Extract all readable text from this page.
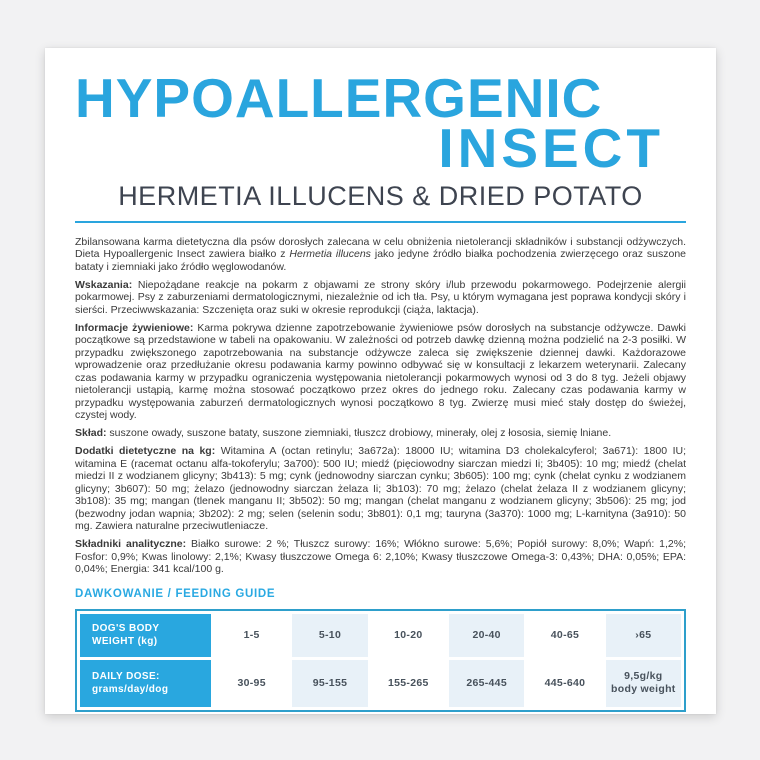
HYPOALLERGENIC
INSECT
HERMETIA ILLUCENS & DRIED POTATO

Zbilansowana karma dietetyczna dla psów dorosłych zalecana w celu obniżenia nietolerancji składników i substancji odżywczych. Dieta Hypoallergenic Insect zawiera białko z Hermetia illucens jako jedyne źródło białka pochodzenia zwierzęcego oraz suszone bataty i ziemniaki jako źródło węglowodanów.

Wskazania: Niepożądane reakcje na pokarm z objawami ze strony skóry i/lub przewodu pokarmowego. Podejrzenie alergii pokarmowej. Psy z zaburzeniami dermatologicznymi, niezależnie od ich tła. Psy, u którym wymagana jest poprawa kondycji skóry i sierści. Przeciwwskazania: Szczenięta oraz suki w okresie reprodukcji (ciąża, laktacja).

Informacje żywieniowe: Karma pokrywa dzienne zapotrzebowanie żywieniowe psów dorosłych na substancje odżywcze. Dawki początkowe są przedstawione w tabeli na opakowaniu. W zależności od potrzeb dawkę dzienną można podzielić na 2-3 posiłki. W przypadku zwiększonego zapotrzebowania na substancje odżywcze zaleca się zwiększenie dziennej dawki. Każdorazowe wprowadzenie oraz przedłużanie okresu podawania karmy powinno odbywać się w konsultacji z lekarzem weterynarii. Zalecany czas podawania karmy w przypadku ograniczenia występowania nietolerancji pokarmowych wynosi od 3 do 8 tyg. Jeżeli objawy nietolerancji ustąpią, karmę można stosować początkowo przez okres do jednego roku. Zalecany czas podawania karmy w przypadku występowania zaburzeń dermatologicznych wynosi początkowo 8 tyg. Zwierzę musi mieć stały dostęp do świeżej, czystej wody.

Skład: suszone owady, suszone bataty, suszone ziemniaki, tłuszcz drobiowy, minerały, olej z łososia, siemię lniane.

Dodatki dietetyczne na kg: Witamina A (octan retinylu; 3a672a): 18000 IU; witamina D3 cholekalcyferol; 3a671): 1800 IU; witamina E (racemat octanu alfa-tokoferylu; 3a700): 500 IU; miedź (pięciowodny siarczan miedzi Ii; 3b405): 10 mg; miedź (chelat miedzi II z wodzianem glicyny; 3b413): 5 mg; cynk (jednowodny siarczan cynku; 3b605): 100 mg; cynk (chelat cynku z wodzianem glicyny; 3b607): 50 mg; żelazo (jednowodny siarczan żelaza Ii; 3b103): 70 mg; żelazo (chelat żelaza II z wodzianem glicyny; 3b108): 35 mg; mangan (tlenek manganu II; 3b502): 50 mg; mangan (chelat manganu z wodzianem glicyny; 3b506): 25 mg; jod (bezwodny jodan wapnia; 3b202): 2 mg; selen (selenin sodu; 3b801): 0,1 mg; tauryna (3a370): 1000 mg; L-karnityna (3a910): 50 mg. Zawiera naturalne przeciwutleniacze.

Składniki analityczne: Białko surowe: 2 %; Tłuszcz surowy: 16%; Włókno surowe: 5,6%; Popiół surowy: 8,0%; Wapń: 1,2%; Fosfor: 0,9%; Kwas linolowy: 2,1%; Kwasy tłuszczowe Omega 6: 2,10%; Kwasy tłuszczowe Omega-3: 0,43%; DHA: 0,05%; EPA: 0,04%; Energia: 341 kcal/100 g.

DAWKOWANIE / FEEDING GUIDE
DOG'S BODY
WEIGHT (kg)	1-5	5-10	10-20	20-40	40-65	›65

DAILY DOSE:
grams/day/dog	30-95	95-155	155-265	265-445	445-640	9,5g/kg body weight
